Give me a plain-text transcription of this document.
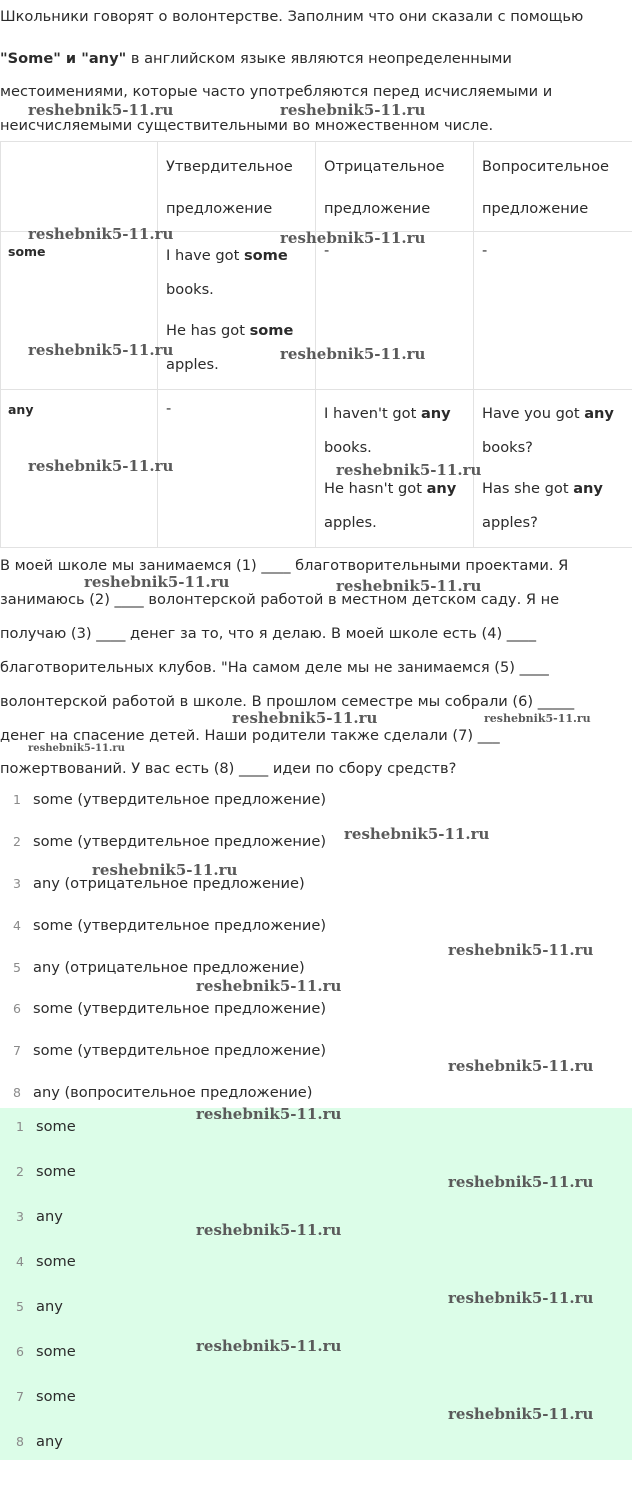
Школьники говорят о волонтерстве. Заполним что они сказали с помощью

"Some" и "any" в английском языке являются неопределенными

местоимениями, которые часто употребляются перед исчисляемыми и

неисчисляемыми существительными во множественном числе.

	Утвердительное
предложение	Отрицательное
предложение	Вопросительное
предложение

some	I have got some
books.
He has got some
apples.	-	-

any	-	I haven't got any
books.
He hasn't got any
apples.	Have you got any
books?
Has she got any
apples?

В моей школе мы занимаемся (1) ____ благотворительными проектами. Я

занимаюсь (2) ____ волонтерской работой в местном детском саду. Я не

получаю (3) ____ денег за то, что я делаю. В моей школе есть (4) ____

благотворительных клубов. "На самом деле мы не занимаемся (5) ____

волонтерской работой в школе. В прошлом семестре мы собрали (6) _____

денег на спасение детей. Наши родители также сделали (7) ___

пожертвований. У вас есть (8) ____ идеи по сбору средств?

1 some (утвердительное предложение)
2 some (утвердительное предложение)
3 any (отрицательное предложение)
4 some (утвердительное предложение)
5 any (отрицательное предложение)
6 some (утвердительное предложение)
7 some (утвердительное предложение)
8 any (вопросительное предложение)
1 some
2 some
3 any
4 some
5 any
6 some
7 some
8 any
reshebnik5-11.ru	reshebnik5-11.ru
reshebnik5-11.ru	reshebnik5-11.ru
reshebnik5-11.ru	reshebnik5-11.ru
reshebnik5-11.ru	reshebnik5-11.ru
reshebnik5-11.ru	reshebnik5-11.ru
reshebnik5-11.ru	reshebnik5-11.ru
reshebnik5-11.ru
reshebnik5-11.ru
reshebnik5-11.ru
reshebnik5-11.ru
reshebnik5-11.ru
reshebnik5-11.ru
reshebnik5-11.ru
reshebnik5-11.ru
reshebnik5-11.ru
reshebnik5-11.ru
reshebnik5-11.ru
reshebnik5-11.ru
